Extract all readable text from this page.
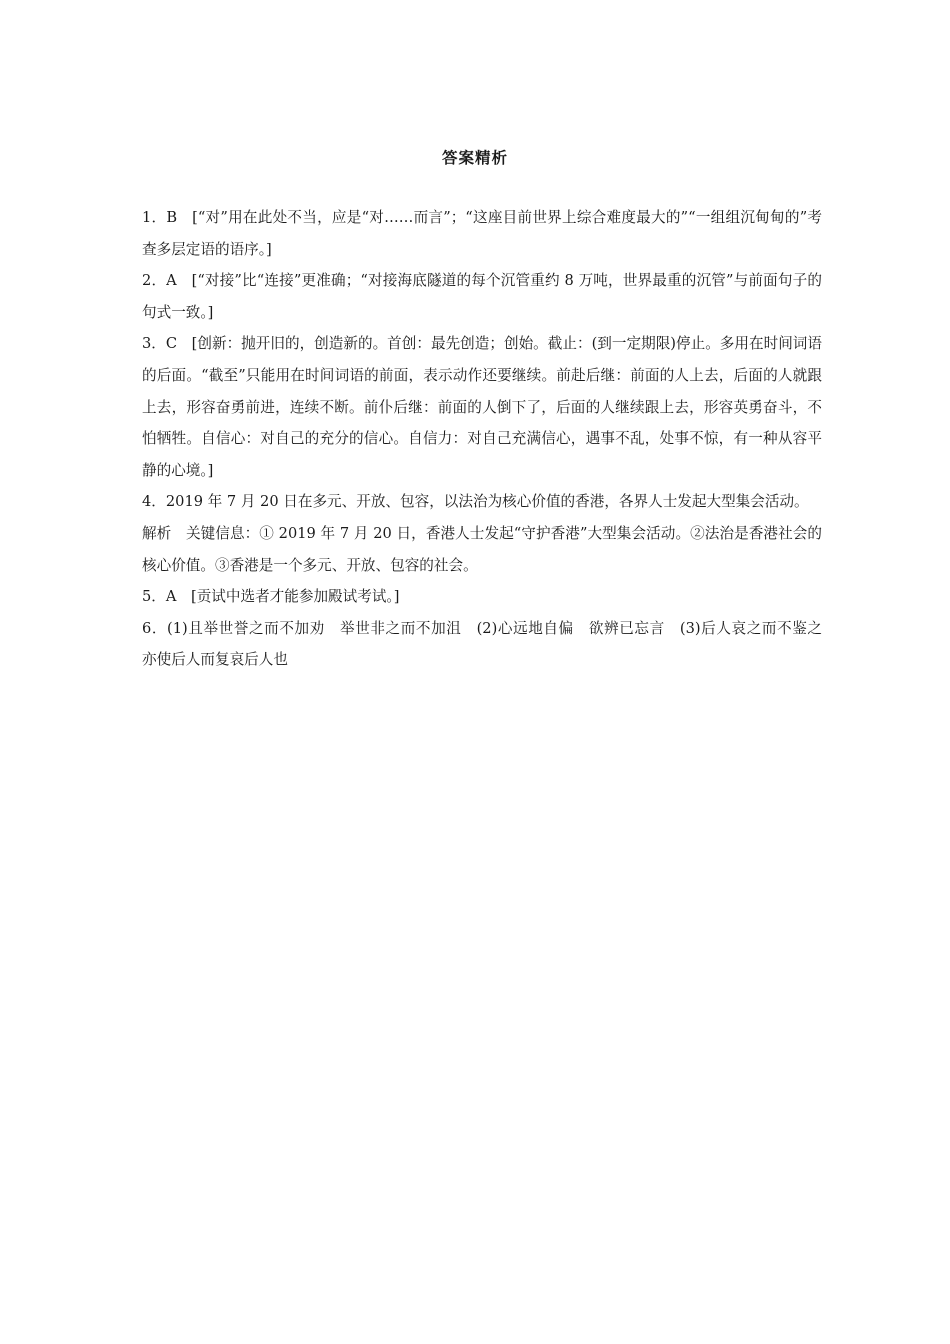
答案精析

1．B　[“对”用在此处不当，应是“对……而言”；“这座目前世界上综合难度最大的”“一组组沉甸甸的”考查多层定语的语序。]

2．A　[“对接”比“连接”更准确；“对接海底隧道的每个沉管重约 8 万吨，世界最重的沉管”与前面句子的句式一致。]

3．C　[创新：抛开旧的，创造新的。首创：最先创造；创始。截止：(到一定期限)停止。多用在时间词语的后面。“截至”只能用在时间词语的前面，表示动作还要继续。前赴后继：前面的人上去，后面的人就跟上去，形容奋勇前进，连续不断。前仆后继：前面的人倒下了，后面的人继续跟上去，形容英勇奋斗，不怕牺牲。自信心：对自己的充分的信心。自信力：对自己充满信心，遇事不乱，处事不惊，有一种从容平静的心境。]

4．2019 年 7 月 20 日在多元、开放、包容，以法治为核心价值的香港，各界人士发起大型集会活动。

解析　关键信息：① 2019 年 7 月 20 日，香港人士发起“守护香港”大型集会活动。②法治是香港社会的核心价值。③香港是一个多元、开放、包容的社会。

5．A　[贡试中选者才能参加殿试考试。]

6．(1)且举世誉之而不加劝　举世非之而不加沮　(2)心远地自偏　欲辨已忘言　(3)后人哀之而不鉴之　亦使后人而复哀后人也
